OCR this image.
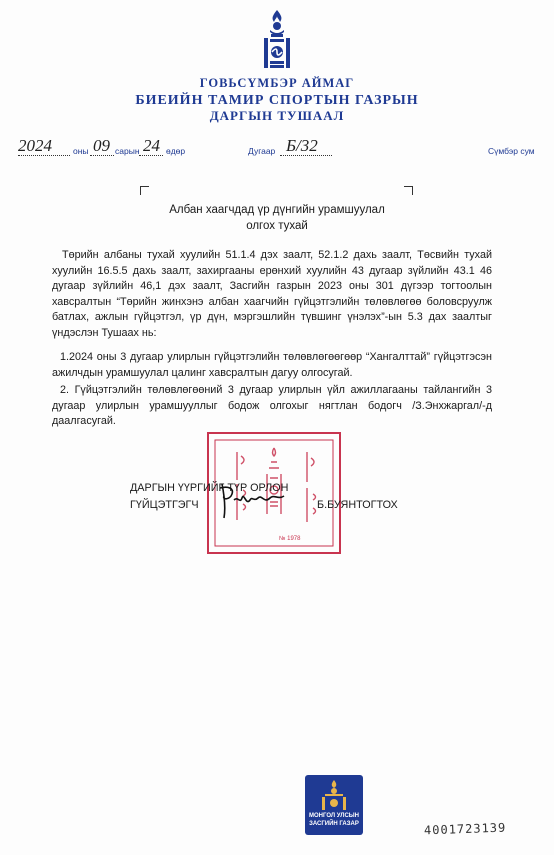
ГОВЬСҮМБЭР АЙМАГ
БИЕИЙН ТАМИР СПОРТЫН ГАЗРЫН
ДАРГЫН ТУШААЛ
2024 оны 09 сарын 24 өдөр	Дугаар Б/32	Сүмбэр сум
Албан хаагчдад үр дүнгийн урамшуулал
олгох тухай
Төрийн албаны тухай хуулийн 51.1.4 дэх заалт, 52.1.2 дахь заалт, Төсвийн тухай хуулийн 16.5.5 дахь заалт, захиргааны ерөнхий хуулийн 43 дугаар зүйлийн 43.1 46 дугаар зүйлийн 46,1 дэх заалт, Засгийн газрын 2023 оны 301 дүгээр тогтоолын хавсралтын “Төрийн жинхэнэ албан хаагчийн гүйцэтгэлийн төлөвлөгөө боловсруулж батлах, ажлын гүйцэтгэл, үр дүн, мэргэшлийн түвшинг үнэлэх”-ын 5.3 дах заалтыг үндэслэн Тушаах нь:
1.2024 оны 3 дугаар улирлын гүйцэтгэлийн төлөвлөгөөгөөр “Хангалттай” гүйцэтгэсэн ажилчдын урамшуулал цалинг хавсралтын дагуу олгосугай.
2. Гүйцэтгэлийн төлөвлөгөөний 3 дугаар улирлын үйл ажиллагааны тайлангийн 3 дугаар улирлын урамшууллыг бодож олгохыг нягтлан бодогч /З.Энхжаргал/-д даалгасугай.
№ 1978
ДАРГЫН ҮҮРГИЙГ ТҮР ОРЛОН
ГҮЙЦЭТГЭГЧ	Б.БУЯНТОГТОХ
МОНГОЛ УЛСЫН
ЗАСГИЙН ГАЗАР	4001723139
